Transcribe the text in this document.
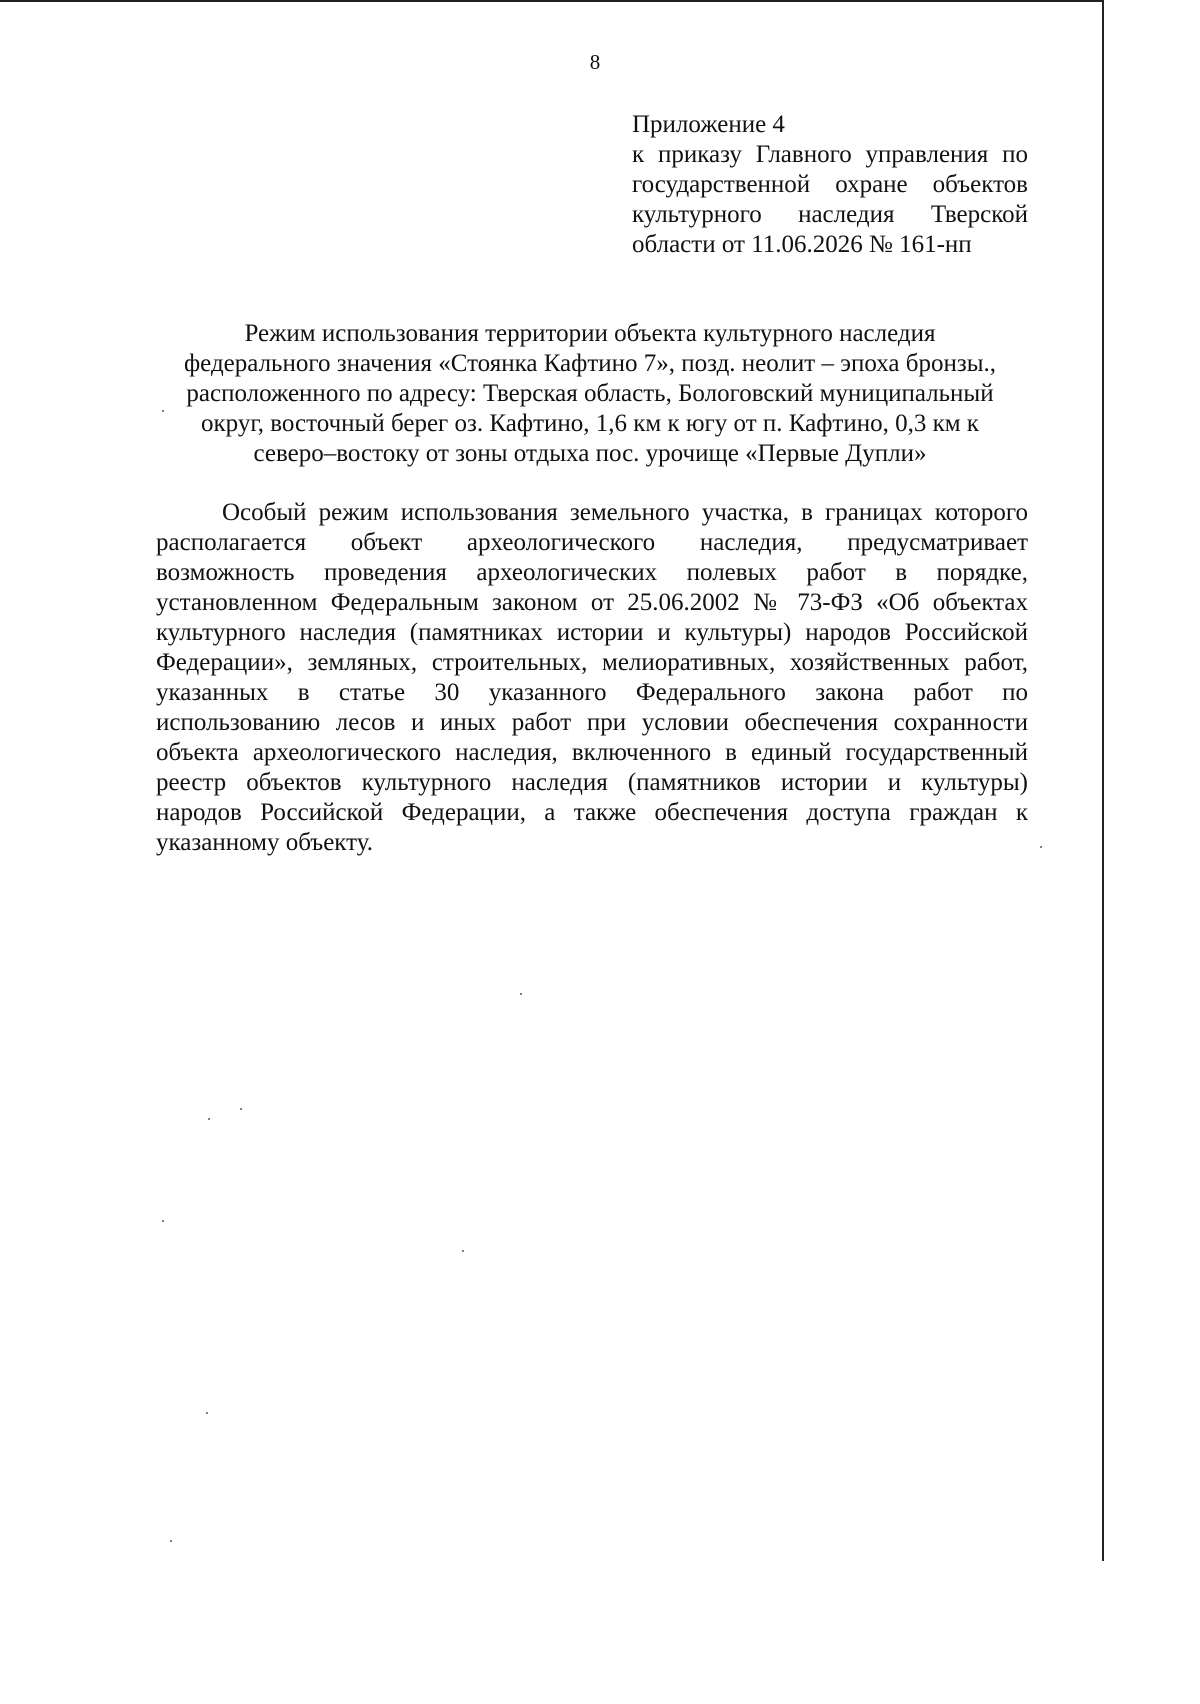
8
Приложение 4
к приказу Главного управления по
государственной охране объектов
культурного наследия Тверской
области от 11.06.2026 № 161-нп
Режим использования территории объекта культурного наследия
федерального значения «Стоянка Кафтино 7», позд. неолит – эпоха бронзы.,
расположенного по адресу: Тверская область, Бологовский муниципальный
округ, восточный берег оз. Кафтино, 1,6 км к югу от п. Кафтино, 0,3 км к
северо–востоку от зоны отдыха пос. урочище «Первые Дупли»
Особый режим использования земельного участка, в границах которого
располагается объект археологического наследия, предусматривает
возможность проведения археологических полевых работ в порядке,
установленном Федеральным законом от 25.06.2002 № 73-ФЗ «Об объектах
культурного наследия (памятниках истории и культуры) народов Российской
Федерации», земляных, строительных, мелиоративных, хозяйственных работ,
указанных в статье 30 указанного Федерального закона работ по
использованию лесов и иных работ при условии обеспечения сохранности
объекта археологического наследия, включенного в единый государственный
реестр объектов культурного наследия (памятников истории и культуры)
народов Российской Федерации, а также обеспечения доступа граждан к
указанному объекту.
